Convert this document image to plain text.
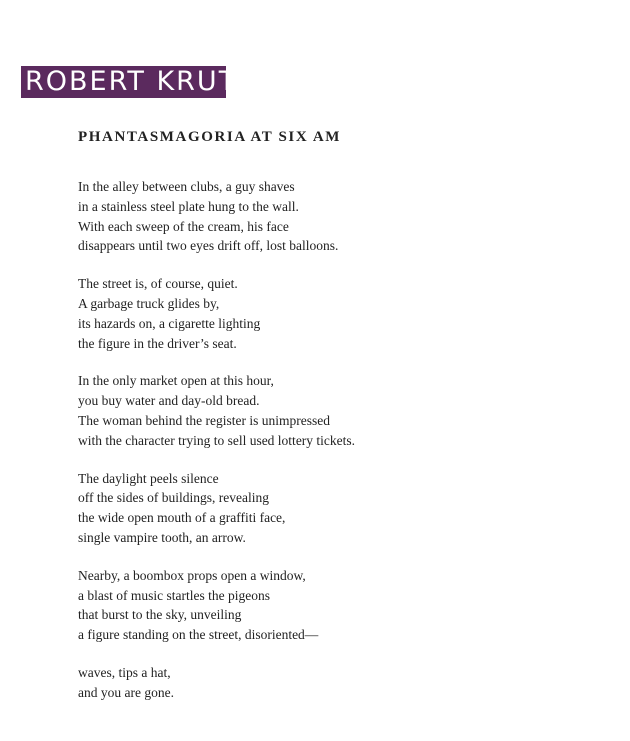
ROBERT KRUT
PHANTASMAGORIA AT SIX AM
In the alley between clubs, a guy shaves
in a stainless steel plate hung to the wall.
With each sweep of the cream, his face
disappears until two eyes drift off, lost balloons.
The street is, of course, quiet.
A garbage truck glides by,
its hazards on, a cigarette lighting
the figure in the driver’s seat.
In the only market open at this hour,
you buy water and day-old bread.
The woman behind the register is unimpressed
with the character trying to sell used lottery tickets.
The daylight peels silence
off the sides of buildings, revealing
the wide open mouth of a graffiti face,
single vampire tooth, an arrow.
Nearby, a boombox props open a window,
a blast of music startles the pigeons
that burst to the sky, unveiling
a figure standing on the street, disoriented—
waves, tips a hat,
and you are gone.
